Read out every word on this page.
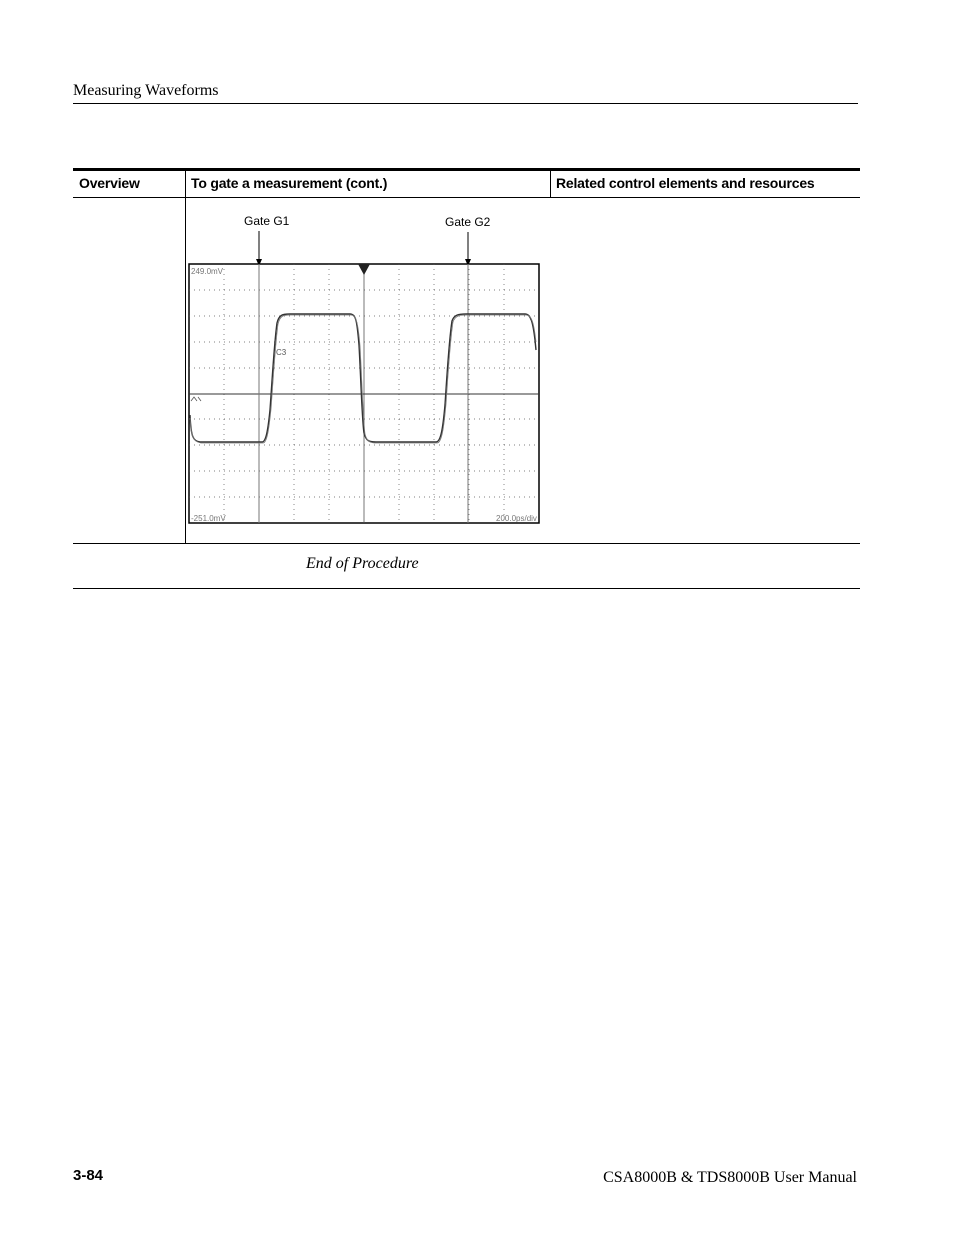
Measuring Waveforms
Overview	To gate a measurement (cont.)	Related control elements and resources
Gate G1	Gate G2
249.0mV
-251.0mV	200.0ps/div
C3
End of Procedure
3-84	CSA8000B & TDS8000B User Manual
